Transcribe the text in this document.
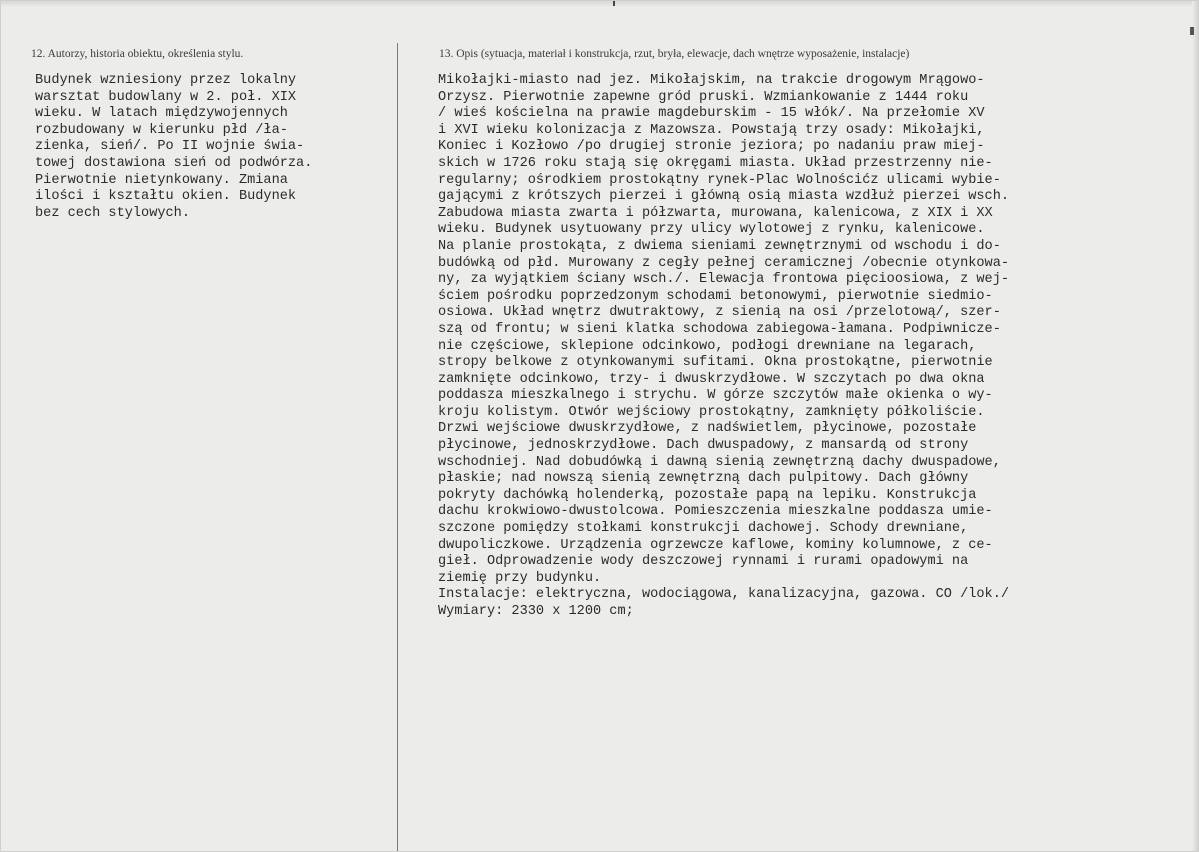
12. Autorzy, historia obiektu, określenia stylu.	13. Opis (sytuacja, materiał i konstrukcja, rzut, bryła, elewacje, dach wnętrze wyposażenie, instalacje)
Budynek wzniesiony przez lokalny
warsztat budowlany w 2. poł. XIX
wieku. W latach międzywojennych
rozbudowany w kierunku płd /ła-
zienka, sień/. Po II wojnie świa-
towej dostawiona sień od podwórza.
Pierwotnie nietynkowany. Zmiana
ilości i kształtu okien. Budynek
bez cech stylowych.
Mikołajki-miasto nad jez. Mikołajskim, na trakcie drogowym Mrągowo-
Orzysz. Pierwotnie zapewne gród pruski. Wzmiankowanie z 1444 roku
/ wieś kościelna na prawie magdeburskim - 15 włók/. Na przełomie XV
i XVI wieku kolonizacja z Mazowsza. Powstają trzy osady: Mikołajki,
Koniec i Kozłowo /po drugiej stronie jeziora; po nadaniu praw miej-
skich w 1726 roku stają się okręgami miasta. Układ przestrzenny nie-
regularny; ośrodkiem prostokątny rynek-Plac Wolnościćz ulicami wybie-
gającymi z krótszych pierzei i główną osią miasta wzdłuż pierzei wsch.
Zabudowa miasta zwarta i półzwarta, murowana, kalenicowa, z XIX i XX
wieku. Budynek usytuowany przy ulicy wylotowej z rynku, kalenicowe.
Na planie prostokąta, z dwiema sieniami zewnętrznymi od wschodu i do-
budówką od płd. Murowany z cegły pełnej ceramicznej /obecnie otynkowa-
ny, za wyjątkiem ściany wsch./. Elewacja frontowa pięcioosiowa, z wej-
ściem pośrodku poprzedzonym schodami betonowymi, pierwotnie siedmio-
osiowa. Układ wnętrz dwutraktowy, z sienią na osi /przelotową/, szer-
szą od frontu; w sieni klatka schodowa zabiegowa-łamana. Podpiwnicze-
nie częściowe, sklepione odcinkowo, podłogi drewniane na legarach,
stropy belkowe z otynkowanymi sufitami. Okna prostokątne, pierwotnie
zamknięte odcinkowo, trzy- i dwuskrzydłowe. W szczytach po dwa okna
poddasza mieszkalnego i strychu. W górze szczytów małe okienka o wy-
kroju kolistym. Otwór wejściowy prostokątny, zamknięty półkoliście.
Drzwi wejściowe dwuskrzydłowe, z nadświetlem, płycinowe, pozostałe
płycinowe, jednoskrzydłowe. Dach dwuspadowy, z mansardą od strony
wschodniej. Nad dobudówką i dawną sienią zewnętrzną dachy dwuspadowe,
płaskie; nad nowszą sienią zewnętrzną dach pulpitowy. Dach główny
pokryty dachówką holenderką, pozostałe papą na lepiku. Konstrukcja
dachu krokwiowo-dwustolcowa. Pomieszczenia mieszkalne poddasza umie-
szczone pomiędzy stołkami konstrukcji dachowej. Schody drewniane,
dwupoliczkowe. Urządzenia ogrzewcze kaflowe, kominy kolumnowe, z ce-
gieł. Odprowadzenie wody deszczowej rynnami i rurami opadowymi na
ziemię przy budynku.
Instalacje: elektryczna, wodociągowa, kanalizacyjna, gazowa. CO /lok./
Wymiary: 2330 x 1200 cm;
